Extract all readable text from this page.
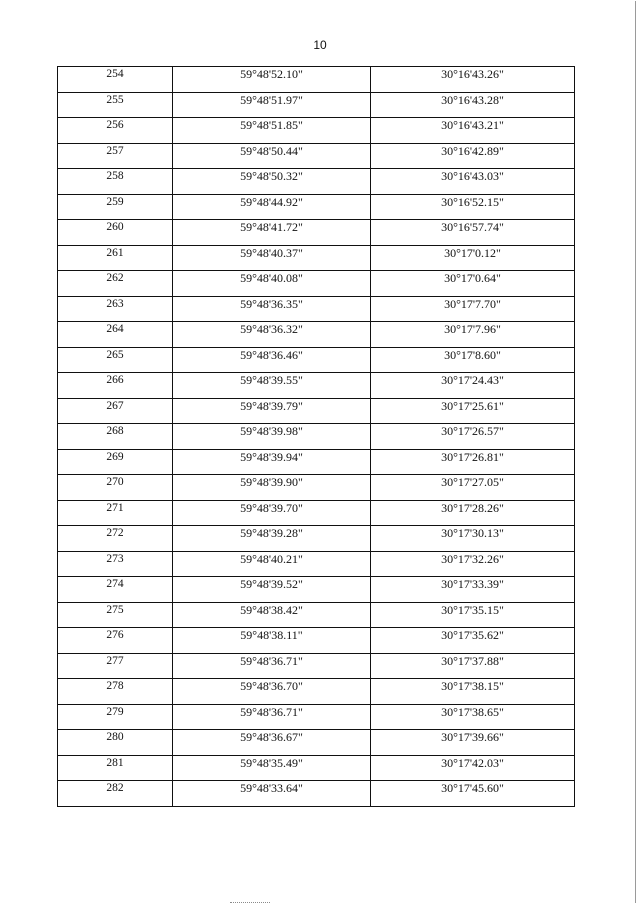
10
254	59°48'52.10"	30°16'43.26"
255	59°48'51.97"	30°16'43.28"
256	59°48'51.85"	30°16'43.21"
257	59°48'50.44"	30°16'42.89"
258	59°48'50.32"	30°16'43.03"
259	59°48'44.92"	30°16'52.15"
260	59°48'41.72"	30°16'57.74"
261	59°48'40.37"	30°17'0.12"
262	59°48'40.08"	30°17'0.64"
263	59°48'36.35"	30°17'7.70"
264	59°48'36.32"	30°17'7.96"
265	59°48'36.46"	30°17'8.60"
266	59°48'39.55"	30°17'24.43"
267	59°48'39.79"	30°17'25.61"
268	59°48'39.98"	30°17'26.57"
269	59°48'39.94"	30°17'26.81"
270	59°48'39.90"	30°17'27.05"
271	59°48'39.70"	30°17'28.26"
272	59°48'39.28"	30°17'30.13"
273	59°48'40.21"	30°17'32.26"
274	59°48'39.52"	30°17'33.39"
275	59°48'38.42"	30°17'35.15"
276	59°48'38.11"	30°17'35.62"
277	59°48'36.71"	30°17'37.88"
278	59°48'36.70"	30°17'38.15"
279	59°48'36.71"	30°17'38.65"
280	59°48'36.67"	30°17'39.66"
281	59°48'35.49"	30°17'42.03"
282	59°48'33.64"	30°17'45.60"
